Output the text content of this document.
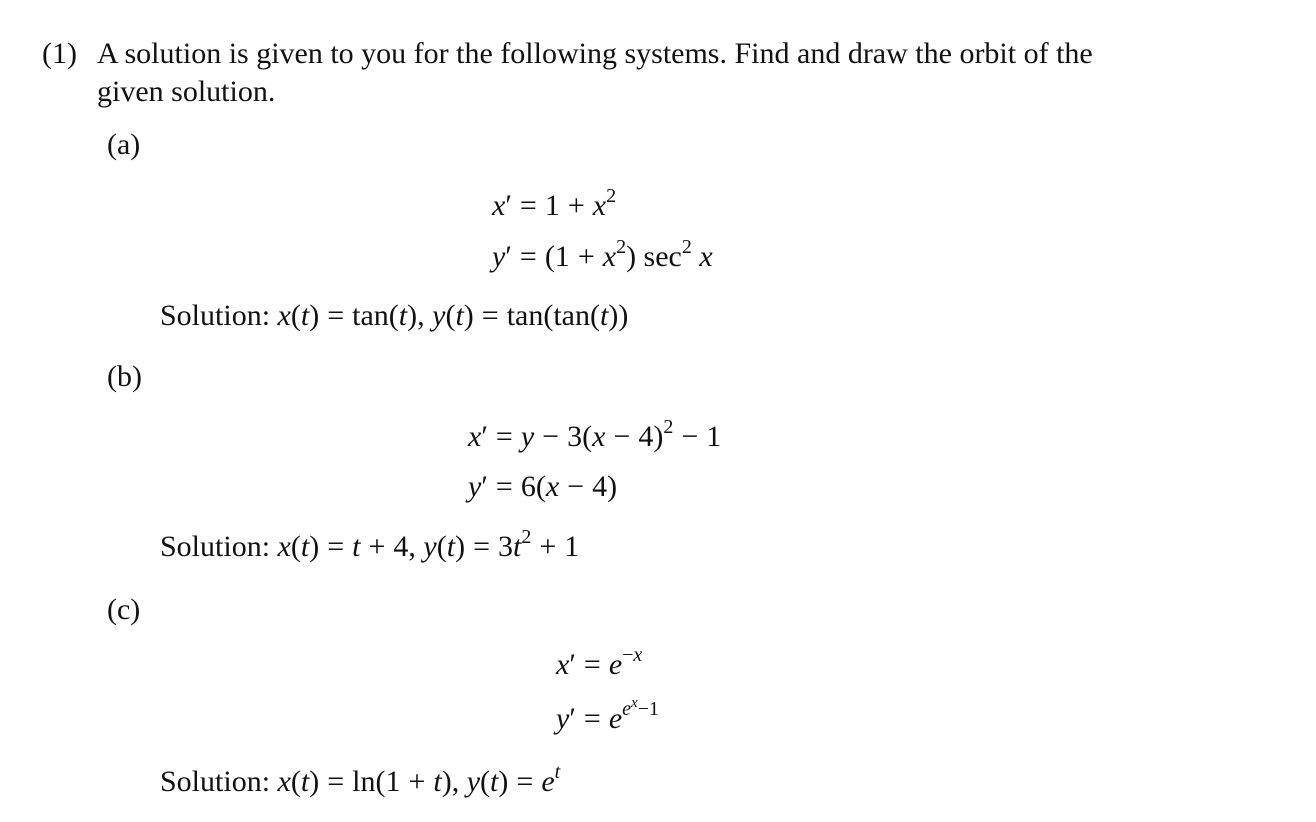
(1) A solution is given to you for the following systems. Find and draw the orbit of the
given solution.
(a)
$x' = 1 + x^2$
$y' = (1 + x^2)$ $\sec^2 x$
Solution: x(t) = tan(t), y(t) = tan(tan(t))
(b)
$x' = y - 3(x - 4)^2 - 1$
y′ = 6(x − 4)
Solution: x(t) = t + 4, $y(t) = 3t^2 + 1$
(c)
$x' = e^{-x}$
$y' = e^{e^x-1}$
Solution: x(t) = ln(1 + t), $y(t) = e^t$
